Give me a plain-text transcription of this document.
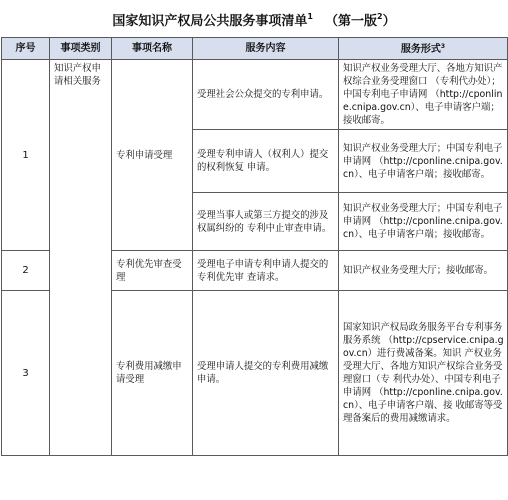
国家知识产权局公共服务事项清单$^1$ （第一版$^2$）
序号	事项类别	事项名称	服务内容	服务形式$^3$
1	知识产权申请相关服务	专利申请受理	受理社会公众提交的专利申请。	知识产权业务受理大厅、各地方知识产权综合业务受理窗口 （专利代办处）；中国专利电子申请网 （http://cponline.cnipa.gov.cn）、电子申请客户端；接收邮寄。
			受理专利申请人（权利人）提交的权利恢复 申请。	知识产权业务受理大厅；中国专利电子申请网 （http://cponline.cnipa.gov.cn）、电子申请客户端；接收邮寄。
			受理当事人或第三方提交的涉及权属纠纷的 专利中止审查申请。	知识产权业务受理大厅；中国专利电子申请网 （http://cponline.cnipa.gov.cn）、电子申请客户端；接收邮寄。
2		专利优先审查受理	受理电子申请专利申请人提交的专利优先审 查请求。	知识产权业务受理大厅；接收邮寄。
3		专利费用减缴申请受理	受理申请人提交的专利费用减缴申请。	国家知识产权局政务服务平台专利事务服务系统 （http://cpservice.cnipa.gov.cn）进行费减备案。知识 产权业务受理大厅、各地方知识产权综合业务受理窗口（专 利代办处）、中国专利电子申请网 （http://cponline.cnipa.gov.cn）、电子申请客户端、接 收邮寄等受理备案后的费用减缴请求。
